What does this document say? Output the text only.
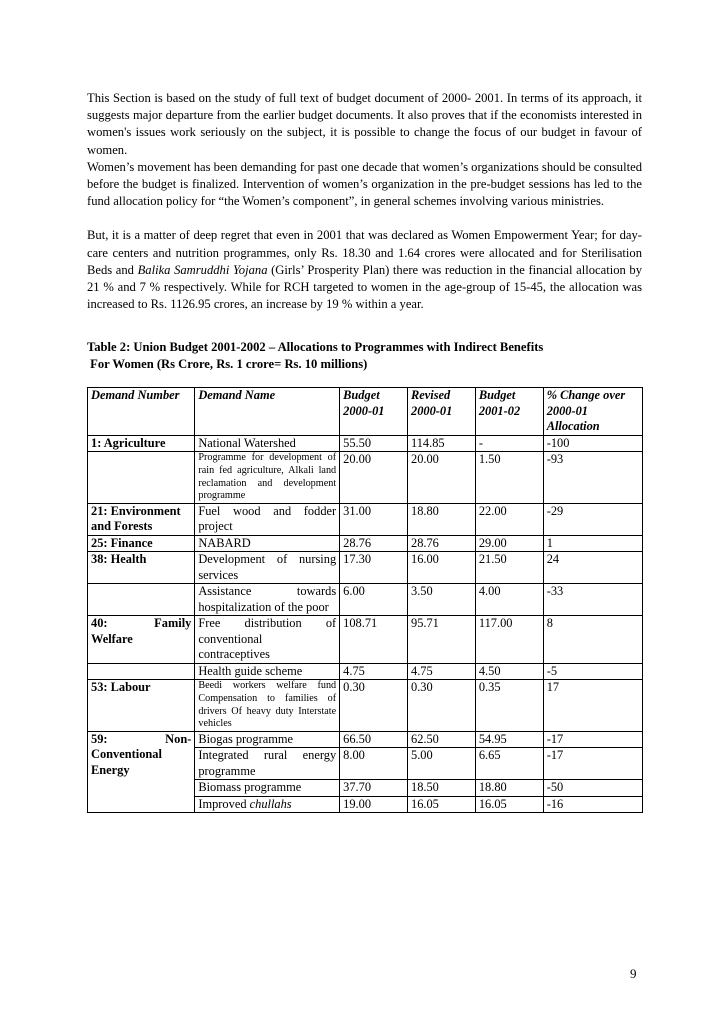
This Section is based on the study of full text of budget document of 2000- 2001. In terms of its approach, it suggests major departure from the earlier budget documents. It also proves that if the economists interested in women's issues work seriously on the subject, it is possible to change the focus of our budget in favour of women.

Women’s movement has been demanding for past one decade that women’s organizations should be consulted before the budget is finalized. Intervention of women’s organization in the pre-budget sessions has led to the fund allocation policy for “the Women’s component”, in general schemes involving various ministries.

But, it is a matter of deep regret that even in 2001 that was declared as Women Empowerment Year; for day-care centers and nutrition programmes, only Rs. 18.30 and 1.64 crores were allocated and for Sterilisation Beds and Balika Samruddhi Yojana (Girls’ Prosperity Plan) there was reduction in the financial allocation by 21 % and 7 % respectively. While for RCH targeted to women in the age-group of 15-45, the allocation was increased to Rs. 1126.95 crores, an increase by 19 % within a year.

Table 2: Union Budget 2001-2002 – Allocations to Programmes with Indirect Benefits
For Women (Rs Crore, Rs. 1 crore= Rs. 10 millions)
Demand Number	Demand Name	Budget 2000-01	Revised 2000-01	Budget 2001-02	% Change over 2000-01 Allocation
1: Agriculture	National Watershed	55.50	114.85	-	-100
	Programme for development of rain fed agriculture, Alkali land reclamation and development programme	20.00	20.00	1.50	-93
21: Environment and Forests	Fuel wood and fodder project	31.00	18.80	22.00	-29
25: Finance	NABARD	28.76	28.76	29.00	1
38: Health	Development of nursing services	17.30	16.00	21.50	24
	Assistance towards hospitalization of the poor	6.00	3.50	4.00	-33
40: Family Welfare	Free distribution of conventional contraceptives	108.71	95.71	117.00	8
	Health guide scheme	4.75	4.75	4.50	-5
53: Labour	Beedi workers welfare fund Compensation to families of drivers Of heavy duty Interstate vehicles	0.30	0.30	0.35	17
59: Non-Conventional Energy	Biogas programme	66.50	62.50	54.95	-17
	Integrated rural energy programme	8.00	5.00	6.65	-17
	Biomass programme	37.70	18.50	18.80	-50
	Improved chullahs	19.00	16.05	16.05	-16
9
